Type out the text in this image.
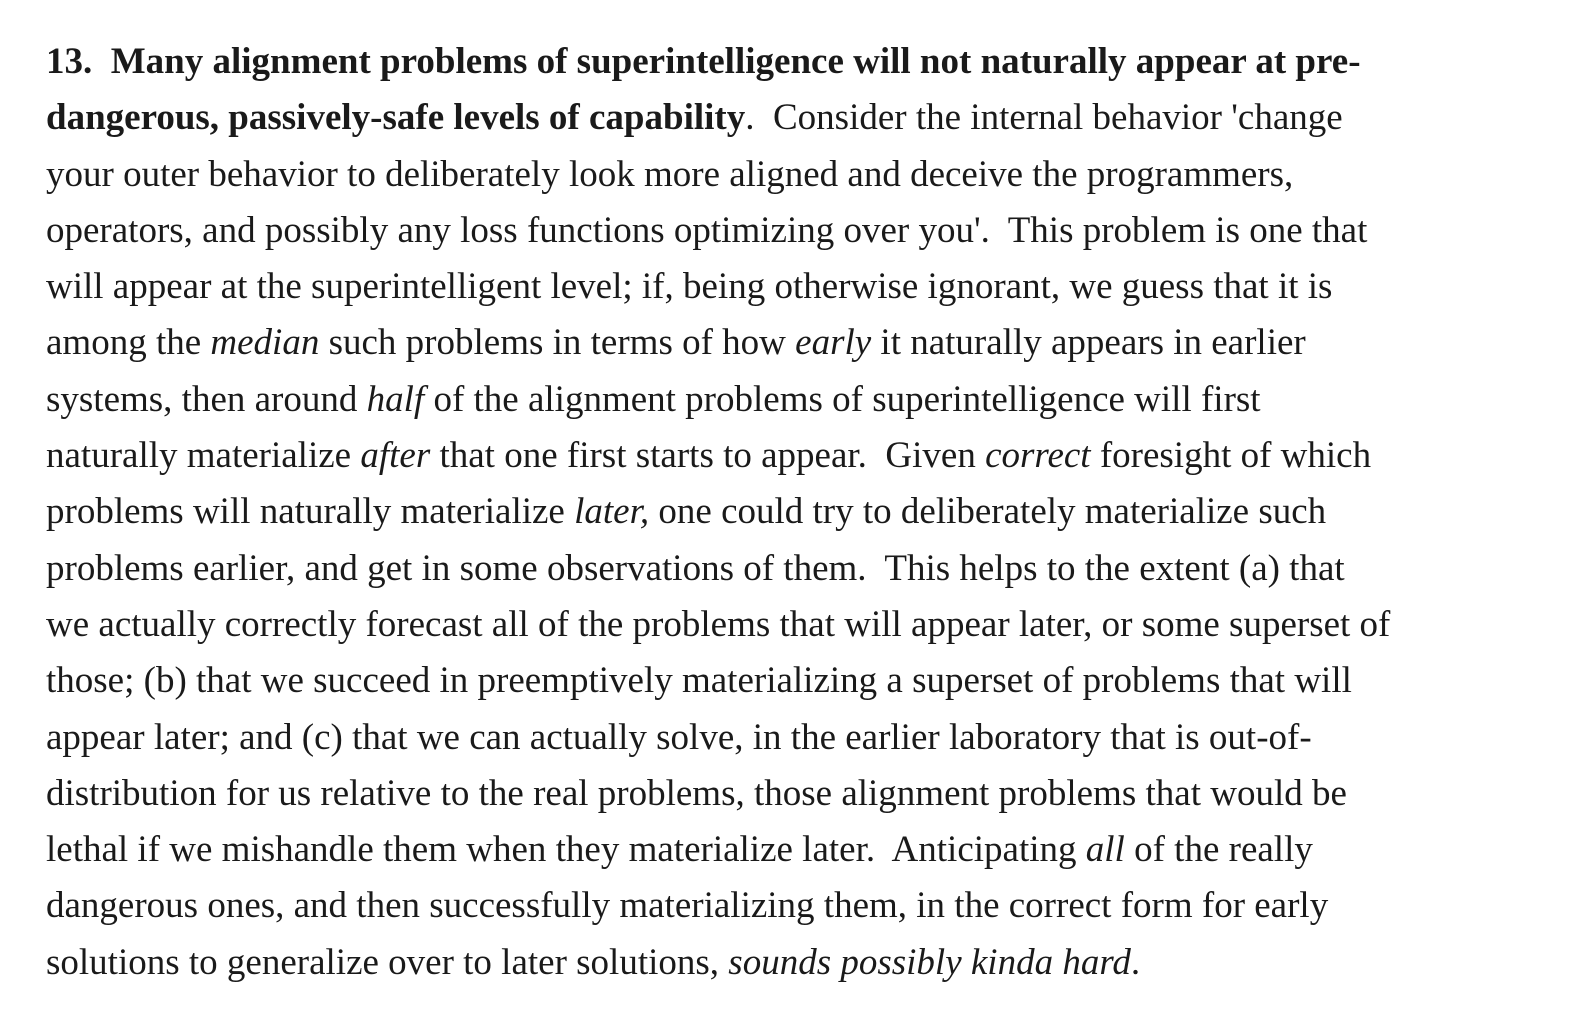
13. Many alignment problems of superintelligence will not naturally appear at pre-
dangerous, passively-safe levels of capability.  Consider the internal behavior 'change
your outer behavior to deliberately look more aligned and deceive the programmers,
operators, and possibly any loss functions optimizing over you'.  This problem is one that
will appear at the superintelligent level; if, being otherwise ignorant, we guess that it is
among the median such problems in terms of how early it naturally appears in earlier
systems, then around half of the alignment problems of superintelligence will first
naturally materialize after that one first starts to appear.  Given correct foresight of which
problems will naturally materialize later, one could try to deliberately materialize such
problems earlier, and get in some observations of them.  This helps to the extent (a) that
we actually correctly forecast all of the problems that will appear later, or some superset of
those; (b) that we succeed in preemptively materializing a superset of problems that will
appear later; and (c) that we can actually solve, in the earlier laboratory that is out-of-
distribution for us relative to the real problems, those alignment problems that would be
lethal if we mishandle them when they materialize later.  Anticipating all of the really
dangerous ones, and then successfully materializing them, in the correct form for early
solutions to generalize over to later solutions, sounds possibly kinda hard.
